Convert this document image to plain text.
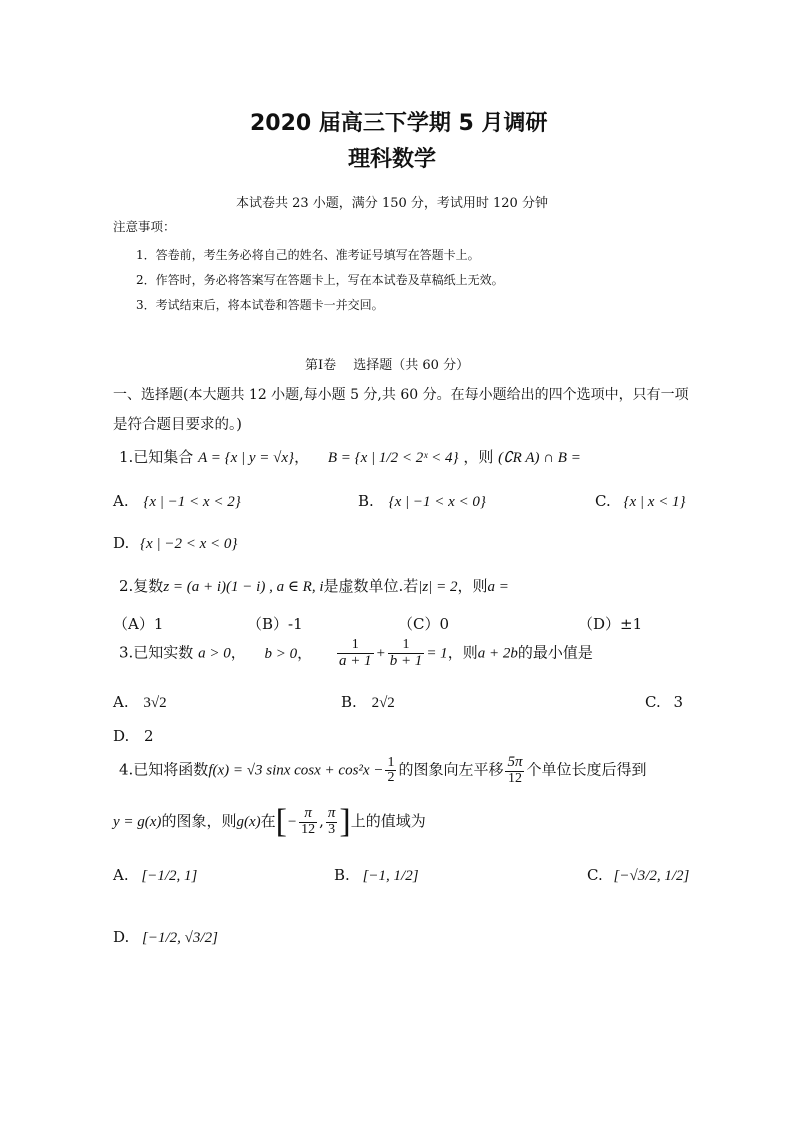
2020 届高三下学期 5 月调研
理科数学
本试卷共 23 小题，满分 150 分，考试用时 120 分钟
注意事项：
1．答卷前，考生务必将自己的姓名、准考证号填写在答题卡上。
2．作答时，务必将答案写在答题卡上，写在本试卷及草稿纸上无效。
3．考试结束后，将本试卷和答题卡一并交回。
第Ⅰ卷　 选择题（共 60 分）
一、选择题(本大题共 12 小题,每小题 5 分,共 60 分。在每小题给出的四个选项中，只有一项
是符合题目要求的。)
1.已知集合 A = {x | y = √x}， B = {x | 1/2 < 2ˣ < 4} ，则 (∁R A) ∩ B =
A. {x | −1 < x < 2}	B. {x | −1 < x < 0}	C. {x | x < 1}
D. {x | −2 < x < 0}
2.复数z = (a + i)(1 − i) , a ∈ R, i是虚数单位.若|z| = 2，则a =
（A）1	（B）-1	（C）0	（D）±1
3.已知实数 a > 0， b > 0， $\frac{1}{a + 1} + \frac{1}{b + 1} = 1$，则a + 2b的最小值是
A. 3√2	B. 2√2	C. 3
D. 2
4.已知将函数f(x) = √3 sinx $\cos x + \cos^2x - \frac{1}{2}$ 的图象向左平移 $\frac{5\pi}{12}$ 个单位长度后得到
y = g(x)的图象，则g(x)在[− $\frac{\pi}{12}$ , $\frac{\pi}{3}$ ]上的值域为
A. [−1/2, 1]	B. [−1, 1/2]	C. [−√3/2, 1/2]
D. [−1/2, √3/2]
